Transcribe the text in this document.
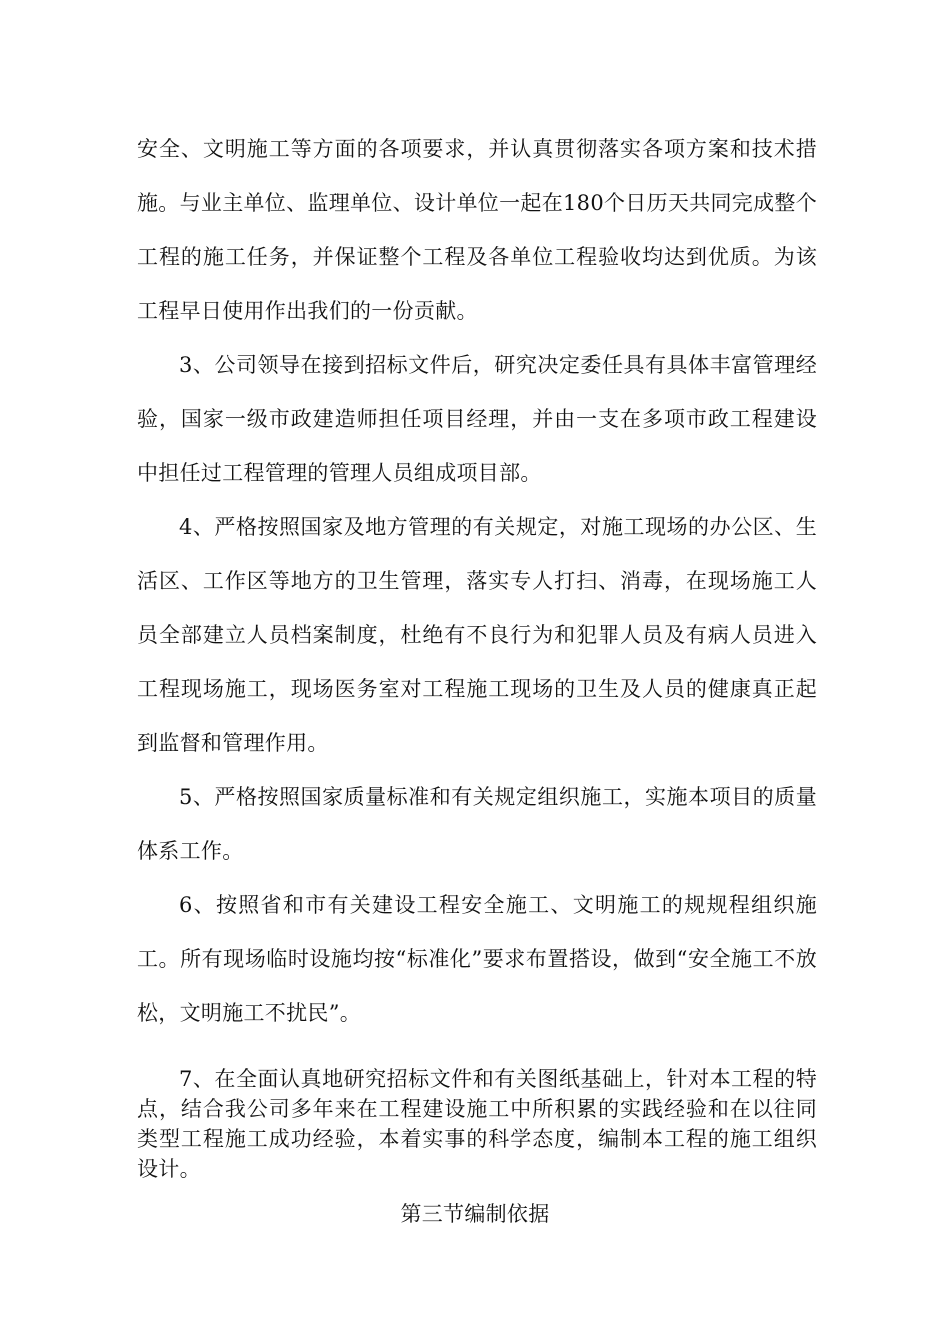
安全、文明施工等方面的各项要求，并认真贯彻落实各项方案和技术措施。与业主单位、监理单位、设计单位一起在180个日历天共同完成整个工程的施工任务，并保证整个工程及各单位工程验收均达到优质。为该工程早日使用作出我们的一份贡献。

3、公司领导在接到招标文件后，研究决定委任具有具体丰富管理经验，国家一级市政建造师担任项目经理，并由一支在多项市政工程建设中担任过工程管理的管理人员组成项目部。

4、严格按照国家及地方管理的有关规定，对施工现场的办公区、生活区、工作区等地方的卫生管理，落实专人打扫、消毒，在现场施工人员全部建立人员档案制度，杜绝有不良行为和犯罪人员及有病人员进入工程现场施工，现场医务室对工程施工现场的卫生及人员的健康真正起到监督和管理作用。

5、严格按照国家质量标准和有关规定组织施工，实施本项目的质量体系工作。

6、按照省和市有关建设工程安全施工、文明施工的规规程组织施工。所有现场临时设施均按“标准化”要求布置搭设，做到“安全施工不放松，文明施工不扰民”。

7、在全面认真地研究招标文件和有关图纸基础上，针对本工程的特点，结合我公司多年来在工程建设施工中所积累的实践经验和在以往同类型工程施工成功经验，本着实事的科学态度，编制本工程的施工组织设计。

第三节编制依据
